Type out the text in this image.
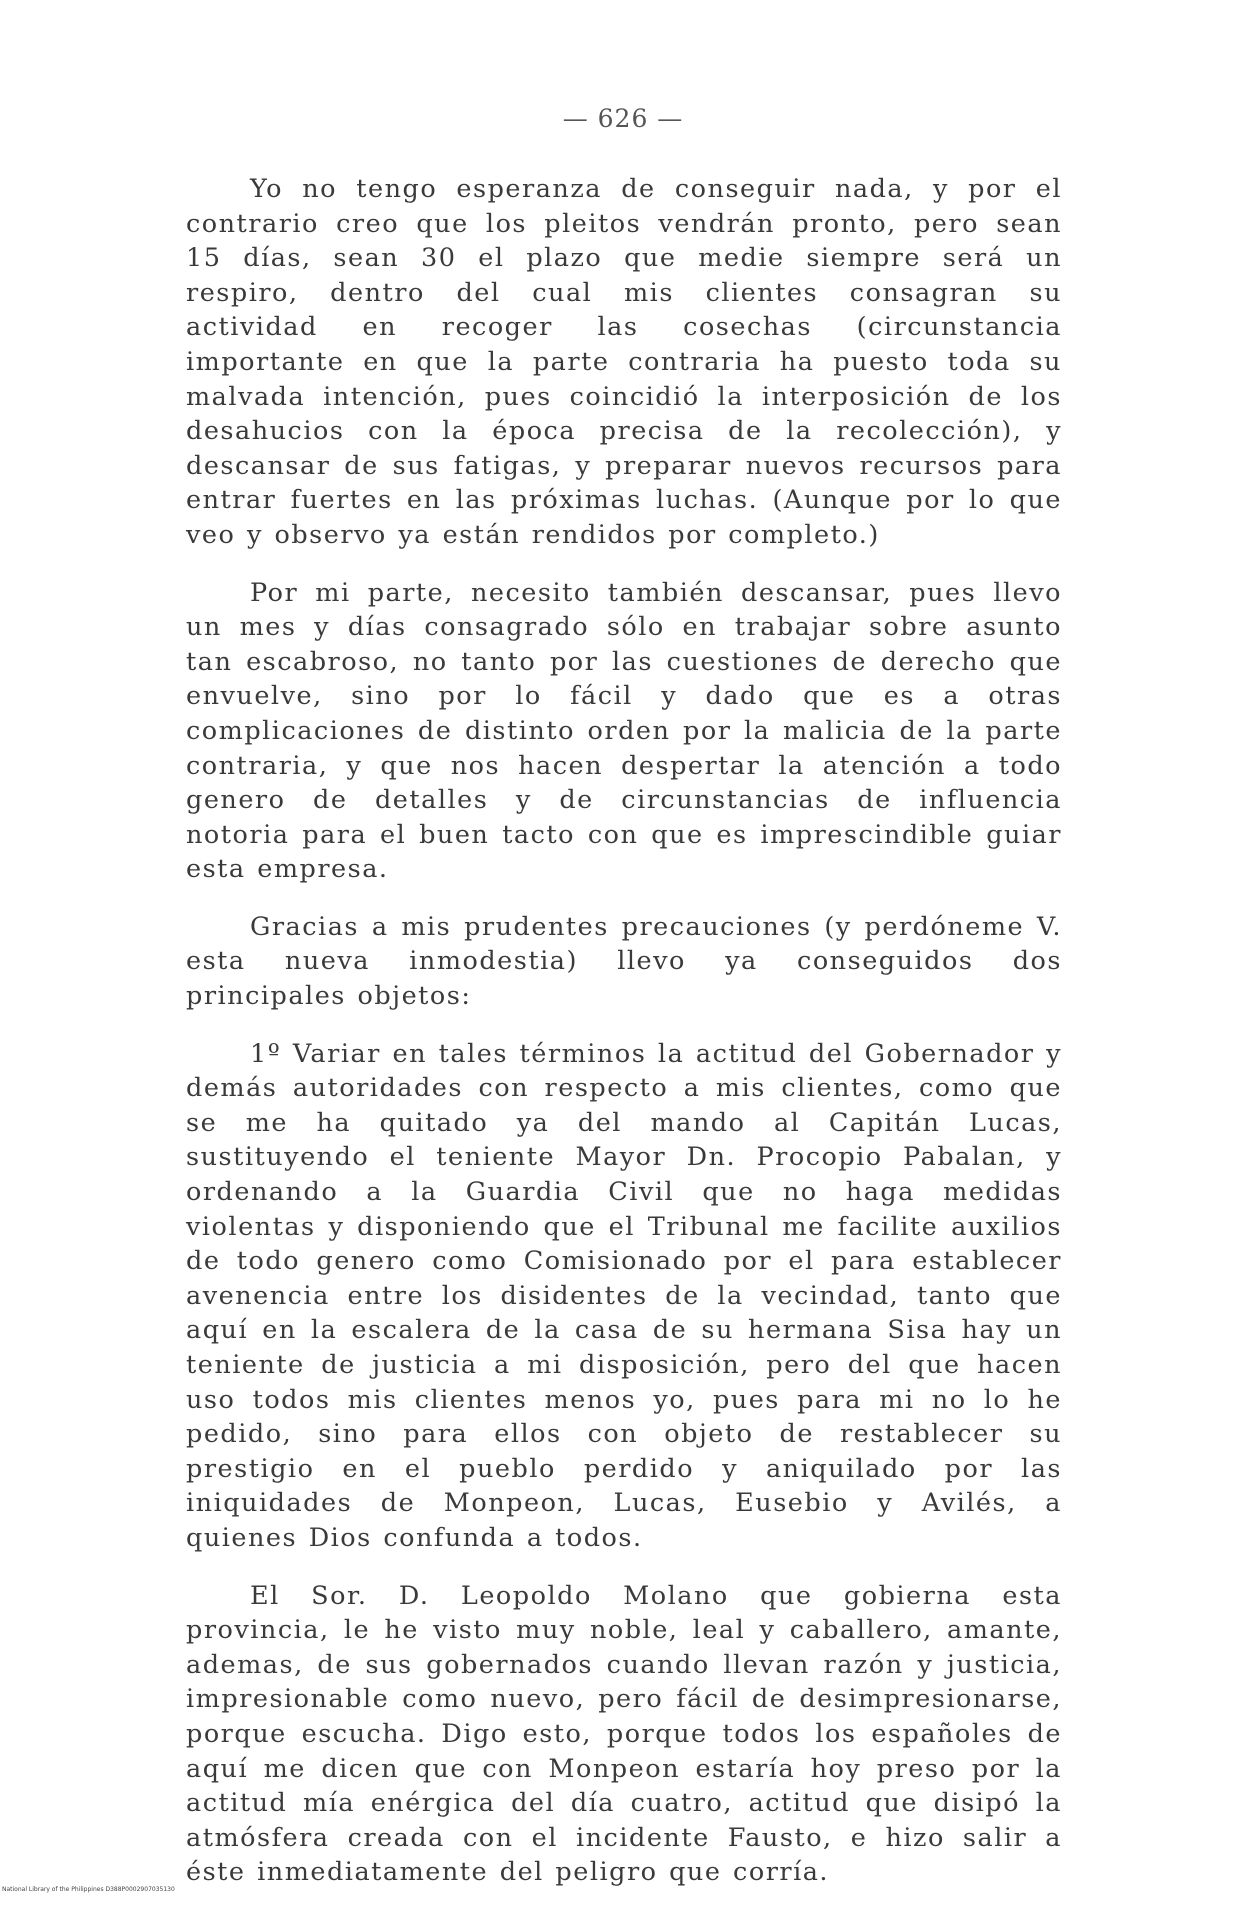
— 626 —

Yo no tengo esperanza de conseguir nada, y por el contrario creo que los pleitos vendrán pronto, pero sean 15 días, sean 30 el plazo que medie siempre será un respiro, dentro del cual mis clientes consagran su actividad en recoger las cosechas (circunstancia importante en que la parte contraria ha puesto toda su malvada intención, pues coincidió la interposición de los desahucios con la época precisa de la recolección), y descansar de sus fatigas, y preparar nuevos recursos para entrar fuertes en las próximas luchas. (Aunque por lo que veo y observo ya están rendidos por completo.)

Por mi parte, necesito también descansar, pues llevo un mes y días consagrado sólo en trabajar sobre asunto tan escabroso, no tanto por las cuestiones de derecho que envuelve, sino por lo fácil y dado que es a otras complicaciones de distinto orden por la malicia de la parte contraria, y que nos hacen despertar la atención a todo genero de detalles y de circunstancias de influencia notoria para el buen tacto con que es imprescindible guiar esta empresa.

Gracias a mis prudentes precauciones (y perdóneme V. esta nueva inmodestia) llevo ya conseguidos dos principales objetos:

1º Variar en tales términos la actitud del Gobernador y demás autoridades con respecto a mis clientes, como que se me ha quitado ya del mando al Capitán Lucas, sustituyendo el teniente Mayor Dn. Procopio Pabalan, y ordenando a la Guardia Civil que no haga medidas violentas y disponiendo que el Tribunal me facilite auxilios de todo genero como Comisionado por el para establecer avenencia entre los disidentes de la vecindad, tanto que aquí en la escalera de la casa de su hermana Sisa hay un teniente de justicia a mi disposición, pero del que hacen uso todos mis clientes menos yo, pues para mi no lo he pedido, sino para ellos con objeto de restablecer su prestigio en el pueblo perdido y aniquilado por las iniquidades de Monpeon, Lucas, Eusebio y Avilés, a quienes Dios confunda a todos.

El Sor. D. Leopoldo Molano que gobierna esta provincia, le he visto muy noble, leal y caballero, amante, ademas, de sus gobernados cuando llevan razón y justicia, impresionable como nuevo, pero fácil de desimpresionarse, porque escucha. Digo esto, porque todos los españoles de aquí me dicen que con Monpeon estaría hoy preso por la actitud mía enérgica del día cuatro, actitud que disipó la atmósfera creada con el incidente Fausto, e hizo salir a éste inmediatamente del peligro que corría.

National Library of the Philippines D388P0002907035130
